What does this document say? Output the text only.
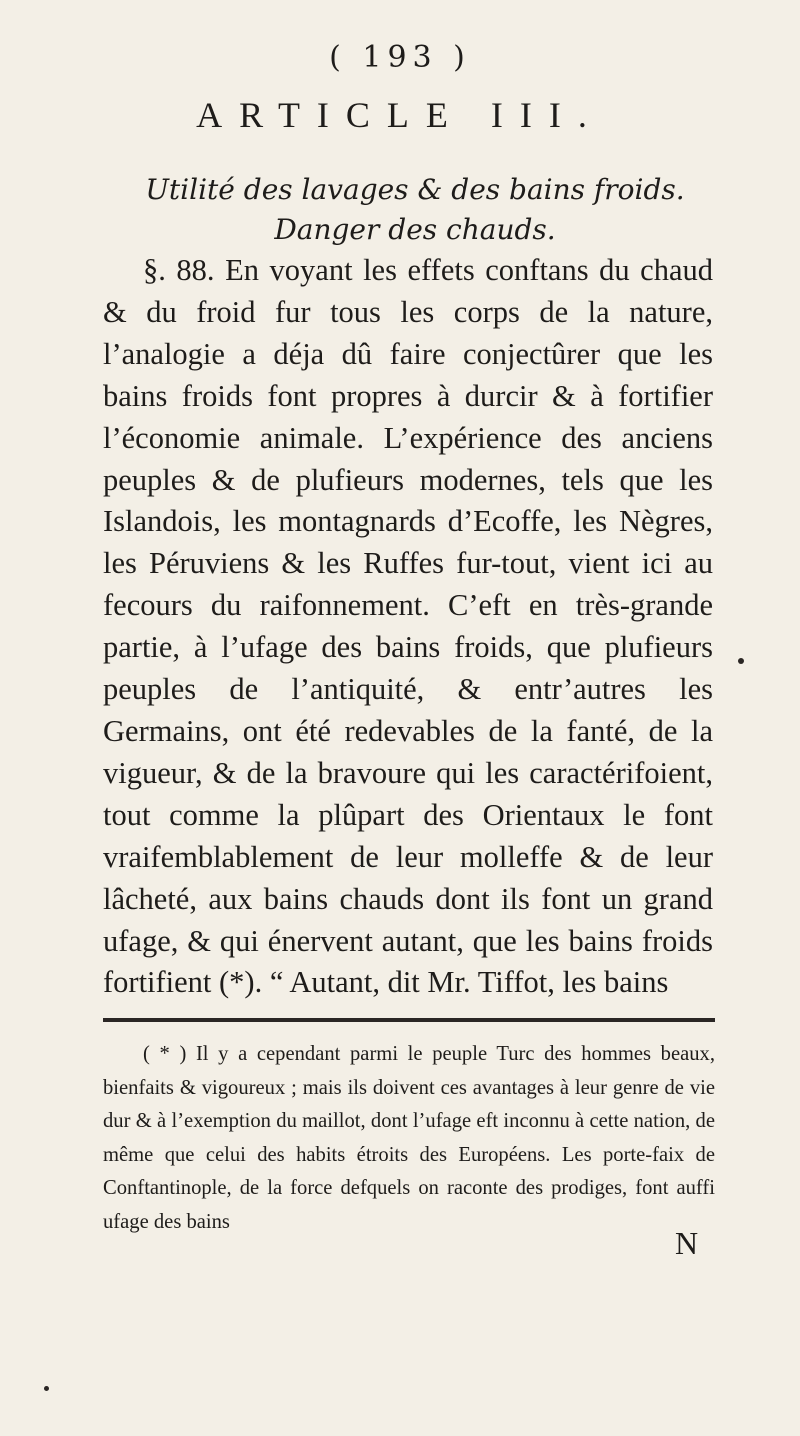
( 193 )
ARTICLE III.
Utilité des lavages & des bains froids. Danger des chauds.

§. 88. En voyant les effets conftans du chaud & du froid fur tous les corps de la nature, l’analogie a déja dû faire conjectûrer que les bains froids font propres à durcir & à fortifier l’économie animale. L’expérience des anciens peuples & de plufieurs modernes, tels que les Islandois, les montagnards d’Ecoffe, les Nègres, les Péruviens & les Ruffes fur-tout, vient ici au fecours du raifonnement. C’eft en très-grande partie, à l’ufage des bains froids, que plufieurs peuples de l’antiquité, & entr’autres les Germains, ont été redevables de la fanté, de la vigueur, & de la bravoure qui les caractérifoient, tout comme la plûpart des Orientaux le font vraifemblablement de leur molleffe & de leur lâcheté, aux bains chauds dont ils font un grand ufage, & qui énervent autant, que les bains froids fortifient (*). “ Autant, dit Mr. Tiffot, les bains

( * ) Il y a cependant parmi le peuple Turc des hommes beaux, bienfaits & vigoureux ; mais ils doivent ces avantages à leur genre de vie dur & à l’exemption du maillot, dont l’ufage eft inconnu à cette nation, de même que celui des habits étroits des Européens. Les porte-faix de Conftantinople, de la force defquels on raconte des prodiges, font auffi ufage des bains

N
